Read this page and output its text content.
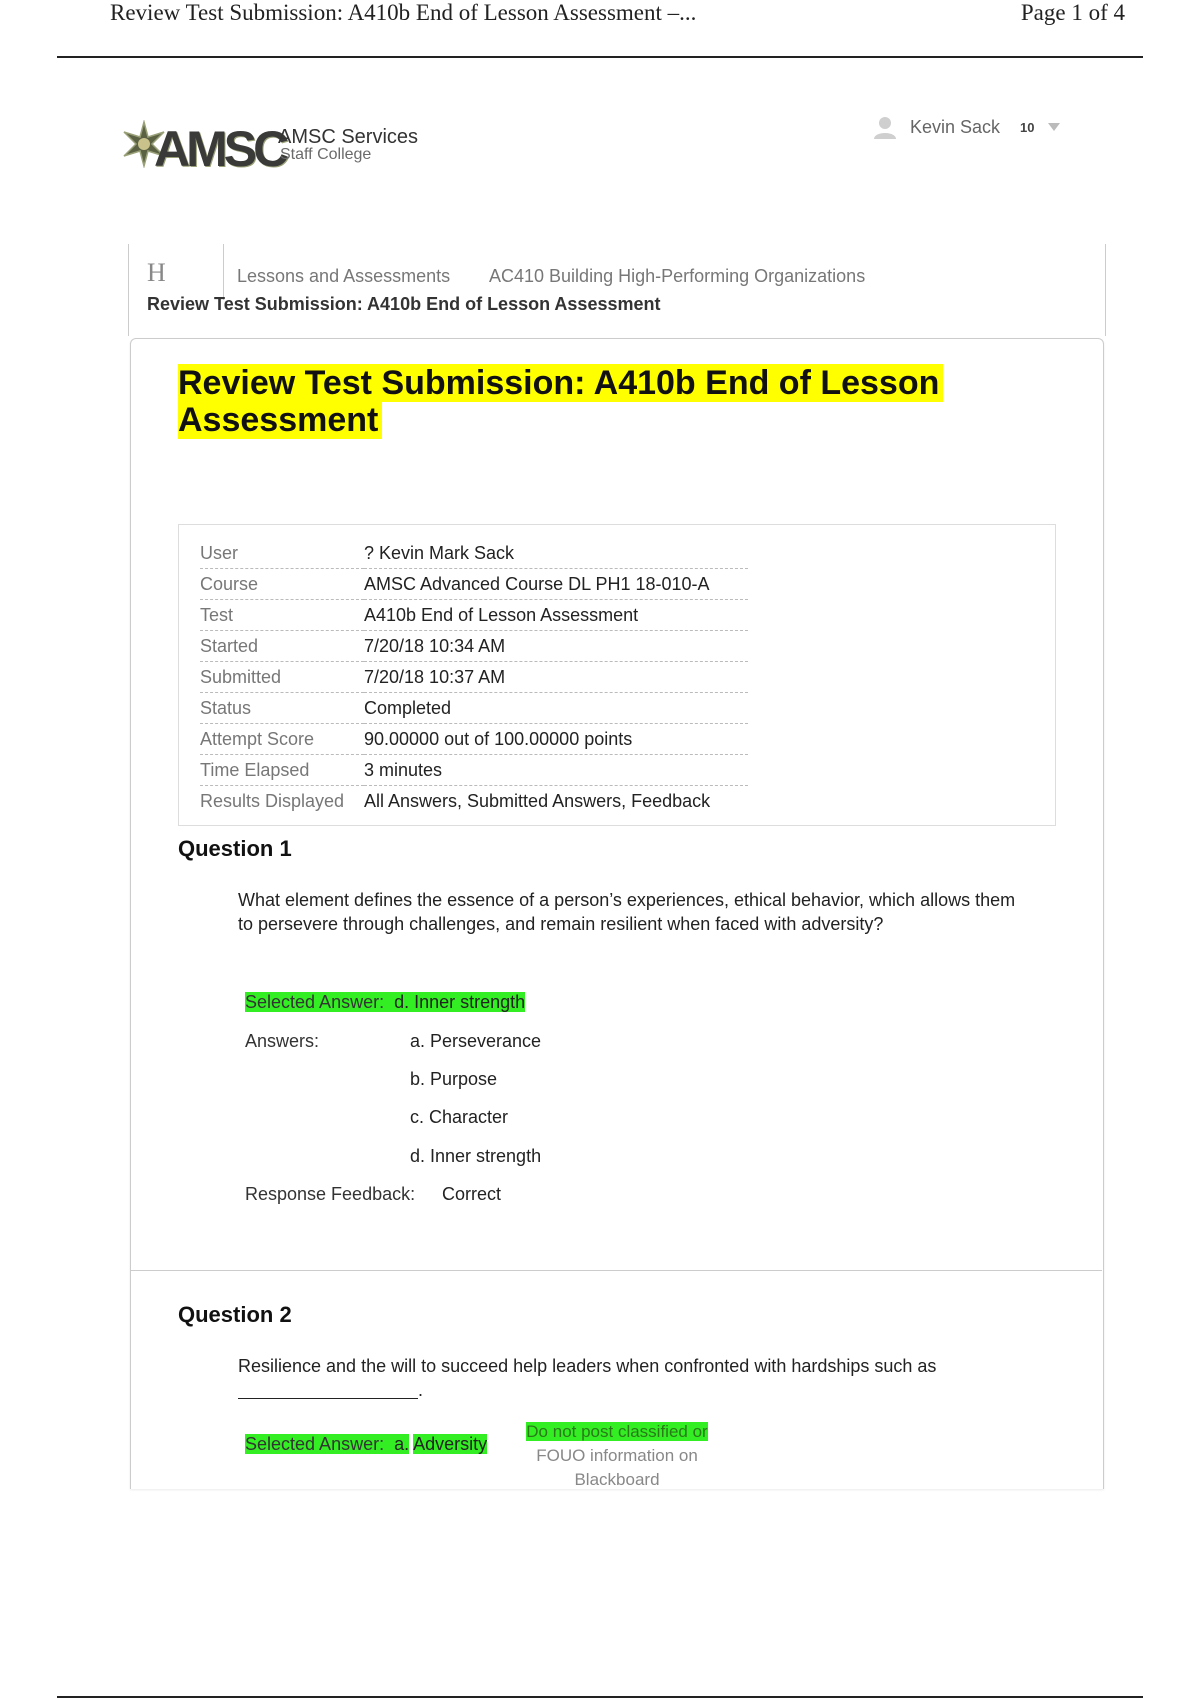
Review Test Submission: A410b End of Lesson Assessment –...	Page 1 of 4
AMSC
AMSC Services
Staff College
Kevin Sack 10
H	Lessons and Assessments AC410 Building High-Performing Organizations
Review Test Submission: A410b End of Lesson Assessment
Review Test Submission: A410b End of Lesson Assessment
User	? Kevin Mark Sack
Course	AMSC Advanced Course DL PH1 18-010-A
Test	A410b End of Lesson Assessment
Started	7/20/18 10:34 AM
Submitted	7/20/18 10:37 AM
Status	Completed
Attempt Score	90.00000 out of 100.00000 points
Time Elapsed	3 minutes
Results Displayed	All Answers, Submitted Answers, Feedback
Question 1
What element defines the essence of a person’s experiences, ethical behavior, which allows them to persevere through challenges, and remain resilient when faced with adversity?
Selected Answer: d. Inner strength
Answers:	a. Perseverance
b. Purpose
c. Character
d. Inner strength
Response Feedback: Correct
Question 2
Resilience and the will to succeed help leaders when confronted with hardships such as
.
Selected Answer: a. Adversity
Do not post classified or
FOUO information on Blackboard
